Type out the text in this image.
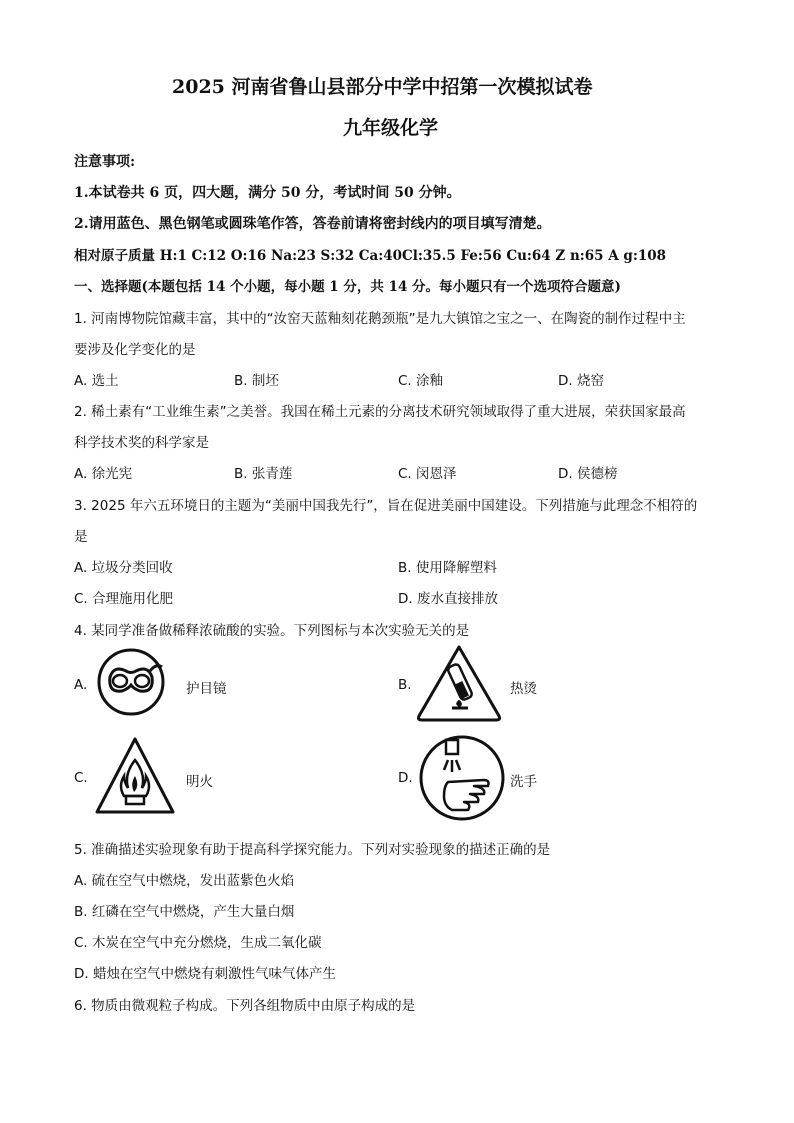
2025 河南省鲁山县部分中学中招第一次模拟试卷
九年级化学
注意事项:
1.本试卷共 6 页，四大题，满分 50 分，考试时间 50 分钟。
2.请用蓝色、黑色钢笔或圆珠笔作答，答卷前请将密封线内的项目填写清楚。
相对原子质量 H:1 C:12 O:16 Na:23 S:32 Ca:40Cl:35.5 Fe:56 Cu:64 Z n:65 A g:108
一、选择题(本题包括 14 个小题，每小题 1 分，共 14 分。每小题只有一个选项符合题意)
1. 河南博物院馆藏丰富，其中的“汝窑天蓝釉刻花鹅颈瓶”是九大镇馆之宝之一、在陶瓷的制作过程中主
要涉及化学变化的是
A. 选土	B. 制坯	C. 涂釉	D. 烧窑
2. 稀土素有“工业维生素”之美誉。我国在稀土元素的分离技术研究领域取得了重大进展，荣获国家最高
科学技术奖的科学家是
A. 徐光宪	B. 张青莲	C. 闵恩泽	D. 侯德榜
3. 2025 年六五环境日的主题为“美丽中国我先行”，旨在促进美丽中国建设。下列措施与此理念不相符的
是
A. 垃圾分类回收	B. 使用降解塑料
C. 合理施用化肥	D. 废水直接排放
4. 某同学准备做稀释浓硫酸的实验。下列图标与本次实验无关的是
A.	护目镜	B.	热烫
C.	明火	D.	洗手
5. 准确描述实验现象有助于提高科学探究能力。下列对实验现象的描述正确的是
A. 硫在空气中燃烧，发出蓝紫色火焰
B. 红磷在空气中燃烧，产生大量白烟
C. 木炭在空气中充分燃烧，生成二氧化碳
D. 蜡烛在空气中燃烧有刺激性气味气体产生
6. 物质由微观粒子构成。下列各组物质中由原子构成的是
